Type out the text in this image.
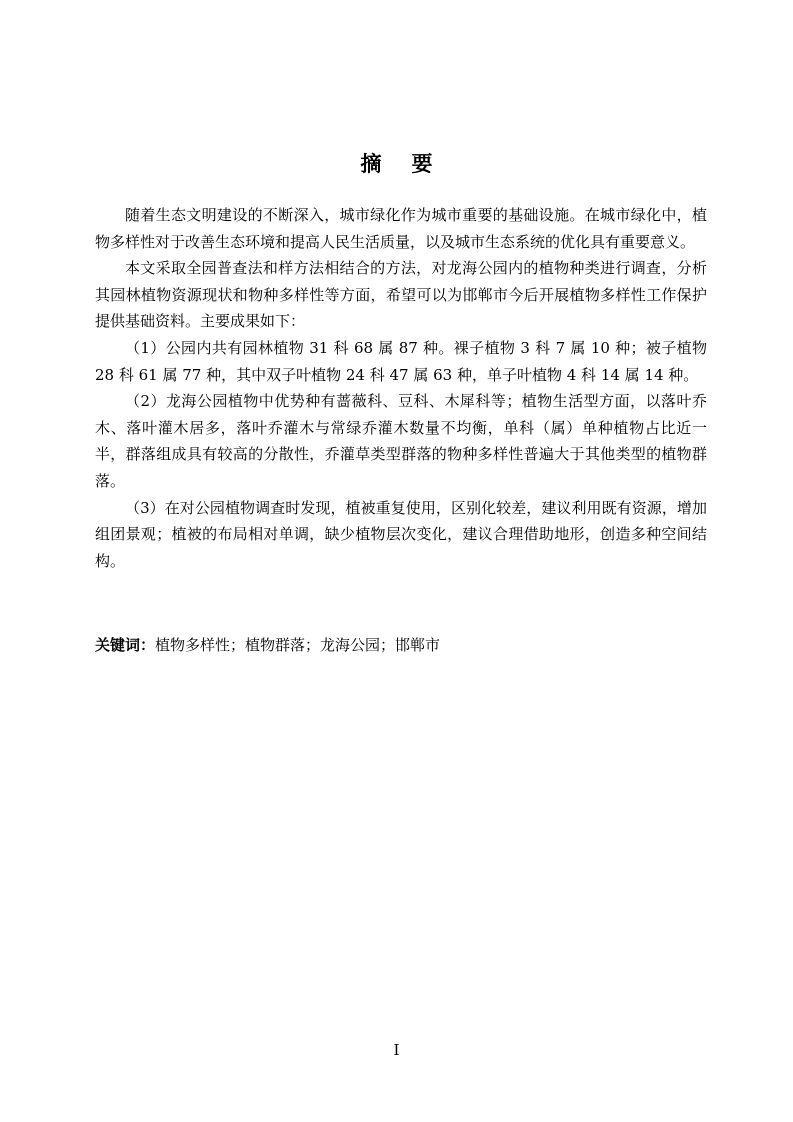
摘要

随着生态文明建设的不断深入，城市绿化作为城市重要的基础设施。在城市绿化中，植物多样性对于改善生态环境和提高人民生活质量，以及城市生态系统的优化具有重要意义。

本文采取全园普查法和样方法相结合的方法，对龙海公园内的植物种类进行调查，分析其园林植物资源现状和物种多样性等方面，希望可以为邯郸市今后开展植物多样性工作保护提供基础资料。主要成果如下：

（1）公园内共有园林植物 31 科 68 属 87 种。裸子植物 3 科 7 属 10 种；被子植物 28 科 61 属 77 种，其中双子叶植物 24 科 47 属 63 种，单子叶植物 4 科 14 属 14 种。

（2）龙海公园植物中优势种有蔷薇科、豆科、木犀科等；植物生活型方面，以落叶乔木、落叶灌木居多，落叶乔灌木与常绿乔灌木数量不均衡，单科（属）单种植物占比近一半，群落组成具有较高的分散性，乔灌草类型群落的物种多样性普遍大于其他类型的植物群落。

（3）在对公园植物调查时发现，植被重复使用，区别化较差，建议利用既有资源，增加组团景观；植被的布局相对单调，缺少植物层次变化，建议合理借助地形，创造多种空间结构。

关键词：植物多样性；植物群落；龙海公园；邯郸市
I
